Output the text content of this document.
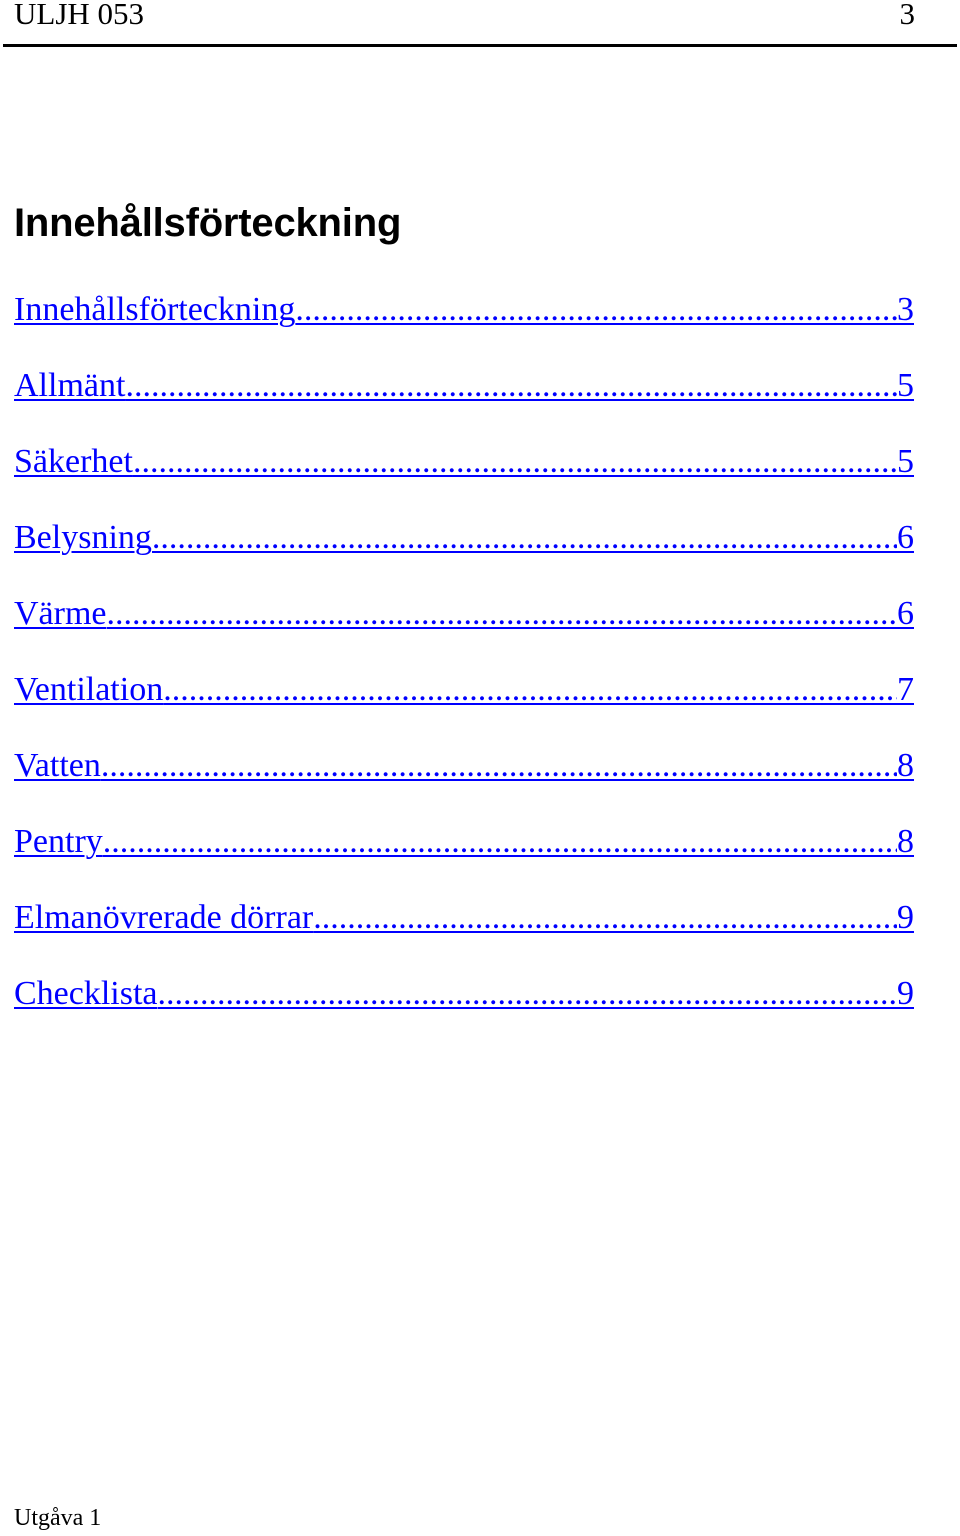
ULJH 053	3
Innehållsförteckning
Innehållsförteckning .....	3
Allmänt .....	5
Säkerhet .....	5
Belysning .....	6
Värme .....	6
Ventilation .....	7
Vatten .....	8
Pentry .....	8
Elmanövrerade dörrar .....	9
Checklista .....	9
Utgåva 1
